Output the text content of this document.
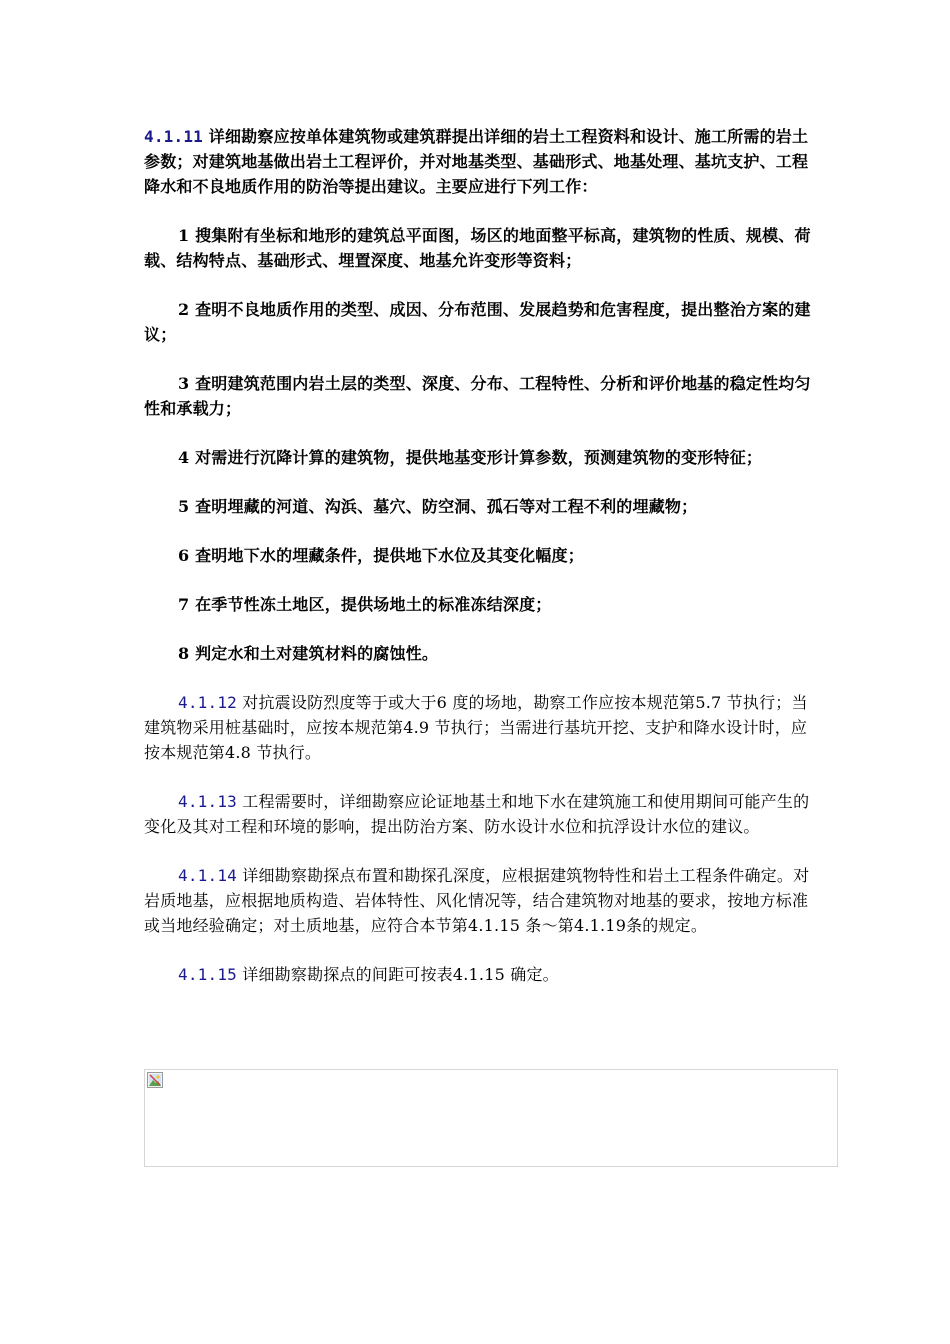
4.1.11 详细勘察应按单体建筑物或建筑群提出详细的岩土工程资料和设计、施工所需的岩土参数；对建筑地基做出岩土工程评价，并对地基类型、基础形式、地基处理、基坑支护、工程降水和不良地质作用的防治等提出建议。主要应进行下列工作：

1 搜集附有坐标和地形的建筑总平面图，场区的地面整平标高，建筑物的性质、规模、荷载、结构特点、基础形式、埋置深度、地基允许变形等资料；

2 查明不良地质作用的类型、成因、分布范围、发展趋势和危害程度，提出整治方案的建议；

3 查明建筑范围内岩土层的类型、深度、分布、工程特性、分析和评价地基的稳定性均匀性和承载力；

4 对需进行沉降计算的建筑物，提供地基变形计算参数，预测建筑物的变形特征；

5 查明埋藏的河道、沟浜、墓穴、防空洞、孤石等对工程不利的埋藏物；

6 查明地下水的埋藏条件，提供地下水位及其变化幅度；

7 在季节性冻土地区，提供场地土的标准冻结深度；

8 判定水和土对建筑材料的腐蚀性。

4.1.12 对抗震设防烈度等于或大于6 度的场地，勘察工作应按本规范第5.7 节执行；当建筑物采用桩基础时，应按本规范第4.9 节执行；当需进行基坑开挖、支护和降水设计时，应按本规范第4.8 节执行。

4.1.13 工程需要时，详细勘察应论证地基土和地下水在建筑施工和使用期间可能产生的变化及其对工程和环境的影响，提出防治方案、防水设计水位和抗浮设计水位的建议。

4.1.14 详细勘察勘探点布置和勘探孔深度，应根据建筑物特性和岩土工程条件确定。对岩质地基，应根据地质构造、岩体特性、风化情况等，结合建筑物对地基的要求，按地方标准或当地经验确定；对土质地基，应符合本节第4.1.15 条～第4.1.19条的规定。

4.1.15 详细勘察勘探点的间距可按表4.1.15 确定。
